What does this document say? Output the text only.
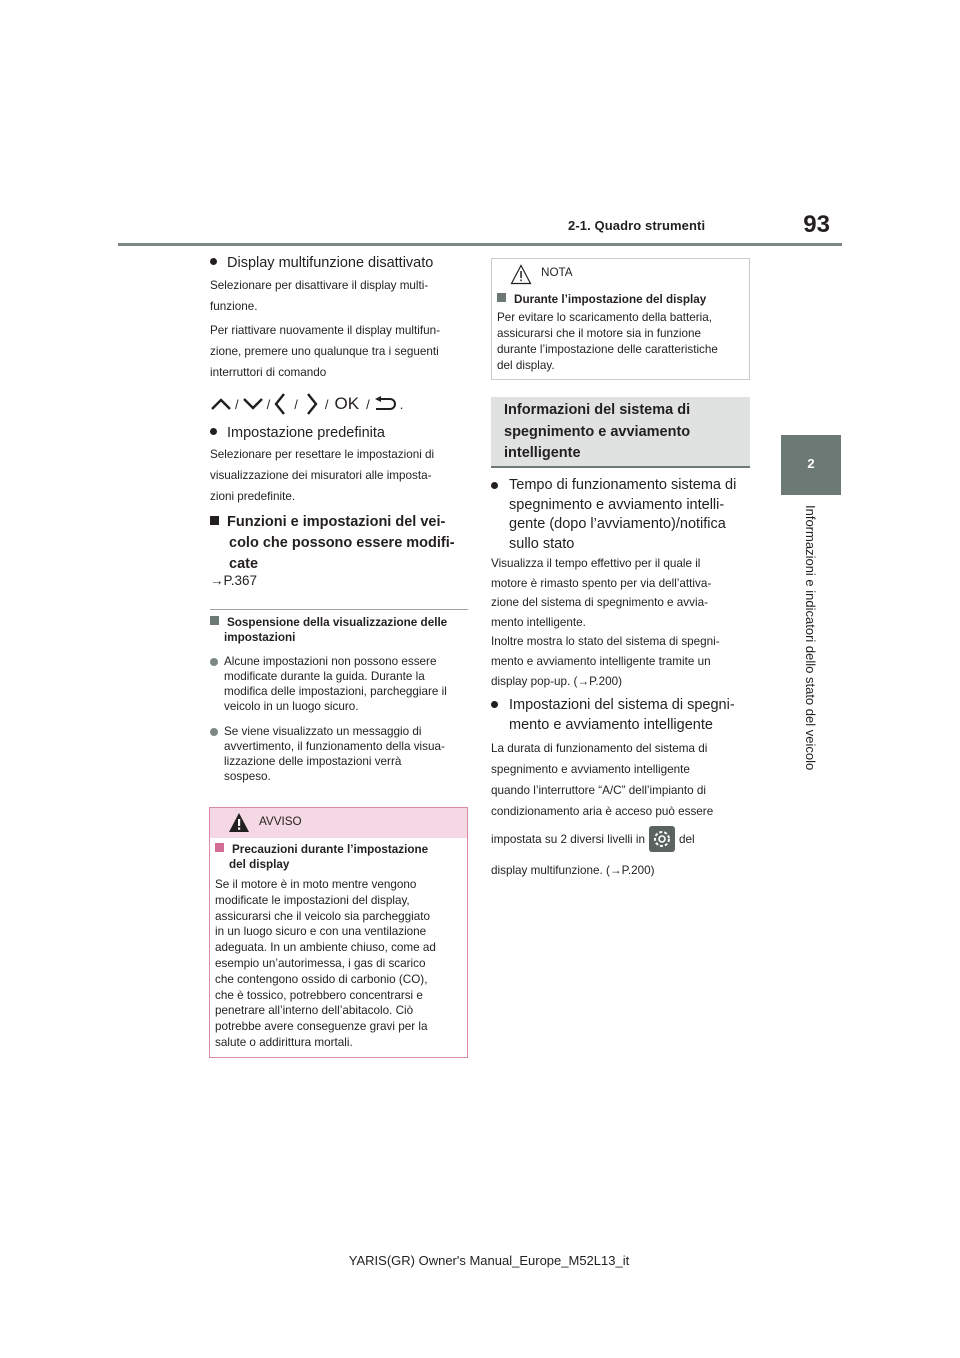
2-1. Quadro strumenti	93
2
Informazioni e indicatori dello stato del veicolo
Display multifunzione disattivato
Selezionare per disattivare il display multi-
funzione.
Per riattivare nuovamente il display multifun-
zione, premere uno qualunque tra i seguenti
interruttori di comando
/ / / / OK / .
Impostazione predefinita
Selezionare per resettare le impostazioni di
visualizzazione dei misuratori alle imposta-
zioni predefinite.
Funzioni e impostazioni del vei-
colo che possono essere modifi-
cate
→P.367
Sospensione della visualizzazione delle
impostazioni
Alcune impostazioni non possono essere
modificate durante la guida. Durante la
modifica delle impostazioni, parcheggiare il
veicolo in un luogo sicuro.
Se viene visualizzato un messaggio di
avvertimento, il funzionamento della visua-
lizzazione delle impostazioni verrà
sospeso.
AVVISO
Precauzioni durante l’impostazione
del display
Se il motore è in moto mentre vengono
modificate le impostazioni del display,
assicurarsi che il veicolo sia parcheggiato
in un luogo sicuro e con una ventilazione
adeguata. In un ambiente chiuso, come ad
esempio un’autorimessa, i gas di scarico
che contengono ossido di carbonio (CO),
che è tossico, potrebbero concentrarsi e
penetrare all’interno dell’abitacolo. Ciò
potrebbe avere conseguenze gravi per la
salute o addirittura mortali.
NOTA
Durante l’impostazione del display
Per evitare lo scaricamento della batteria,
assicurarsi che il motore sia in funzione
durante l’impostazione delle caratteristiche
del display.
Informazioni del sistema di
spegnimento e avviamento
intelligente
Tempo di funzionamento sistema di
spegnimento e avviamento intelli-
gente (dopo l’avviamento)/notifica
sullo stato
Visualizza il tempo effettivo per il quale il
motore è rimasto spento per via dell’attiva-
zione del sistema di spegnimento e avvia-
mento intelligente.
Inoltre mostra lo stato del sistema di spegni-
mento e avviamento intelligente tramite un
display pop-up. (→P.200)
Impostazioni del sistema di spegni-
mento e avviamento intelligente
La durata di funzionamento del sistema di
spegnimento e avviamento intelligente
quando l’interruttore “A/C” dell’impianto di
condizionamento aria è acceso può essere
impostata su 2 diversi livelli in	del
display multifunzione. (→P.200)
YARIS(GR) Owner's Manual_Europe_M52L13_it
